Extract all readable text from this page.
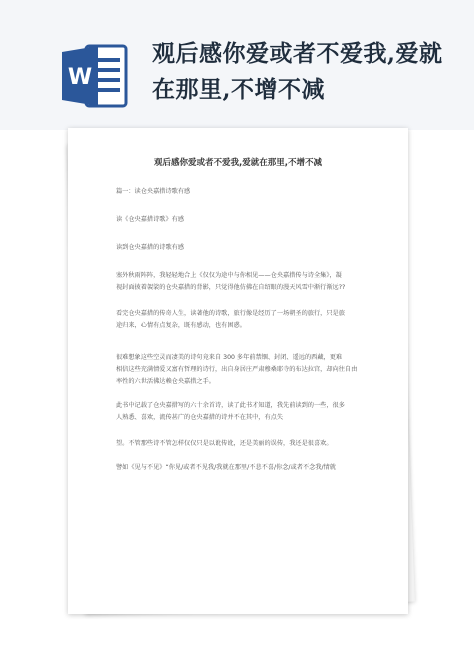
W
观后感你爱或者不爱我,爱就
在那里,不增不减
观后感你爱或者不爱我,爱就在那里,不增不减
篇一：读仓央嘉措诗歌有感
读《仓央嘉措诗歌》有感
读到仓央嘉措的诗歌有感
塞外秋雨阵阵，我轻轻地合上《仅仅为途中与你相见——仓央嘉措传与诗全集》，凝
视封面披着袈裟的仓央嘉措的背影，只觉得他仿佛在自绍眼的漫天风雪中渐行渐远??
看完仓央嘉措的传奇人生，读著他的诗歌，旅行像是经历了一场朝圣的旅行，只是旅
途归来，心情有点复杂，既有感动，也有困惑。
很难想象这些空灵而凄美的诗句竟来自 300 多年前禁锢、封闭、遥远的西藏，更难
相信这些充满情爱又富有哲理的诗行，出自身居庄严肃穆桑耶寺的布达拉宫，却向往自由
率性的六世活佛达赖仓央嘉措之手。
此书中记载了仓央嘉措写的六十余首诗，读了此书才知道，我先前读到的一些，很多
人熟悉、喜欢，流传甚广的仓央嘉措的诗并不在其中，有点失
望。不管那些诗不管怎样仅仅只是以讹传讹，还是美丽的误传，我还是很喜欢。
譬如《见与不见》“你见/或者不见我/我就在那里/不悲不喜/你念/或者不念我/情就
